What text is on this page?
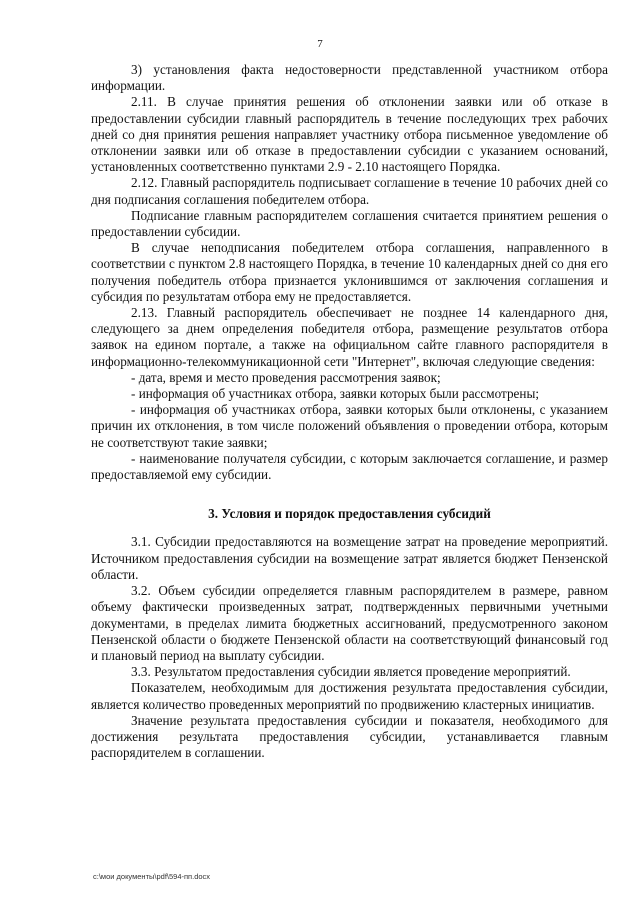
7

3) установления факта недостоверности представленной участником отбора информации.

2.11. В случае принятия решения об отклонении заявки или об отказе в предоставлении субсидии главный распорядитель в течение последующих трех рабочих дней со дня принятия решения направляет участнику отбора письменное уведомление об отклонении заявки или об отказе в предоставлении субсидии с указанием оснований, установленных соответственно пунктами 2.9 - 2.10 настоящего Порядка.

2.12. Главный распорядитель подписывает соглашение в течение 10 рабочих дней со дня подписания соглашения победителем отбора.

Подписание главным распорядителем соглашения считается принятием решения о предоставлении субсидии.

В случае неподписания победителем отбора соглашения, направленного в соответствии с пунктом 2.8 настоящего Порядка, в течение 10 календарных дней со дня его получения победитель отбора признается уклонившимся от заключения соглашения и субсидия по результатам отбора ему не предоставляется.

2.13. Главный распорядитель обеспечивает не позднее 14 календарного дня, следующего за днем определения победителя отбора, размещение результатов отбора заявок на едином портале, а также на официальном сайте главного распорядителя в информационно-телекоммуникационной сети "Интернет", включая следующие сведения:

- дата, время и место проведения рассмотрения заявок;

- информация об участниках отбора, заявки которых были рассмотрены;

- информация об участниках отбора, заявки которых были отклонены, с указанием причин их отклонения, в том числе положений объявления о проведении отбора, которым не соответствуют такие заявки;

- наименование получателя субсидии, с которым заключается соглашение, и размер предоставляемой ему субсидии.

3. Условия и порядок предоставления субсидий

3.1. Субсидии предоставляются на возмещение затрат на проведение мероприятий. Источником предоставления субсидии на возмещение затрат является бюджет Пензенской области.

3.2. Объем субсидии определяется главным распорядителем в размере, равном объему фактически произведенных затрат, подтвержденных первичными учетными документами, в пределах лимита бюджетных ассигнований, предусмотренного законом Пензенской области о бюджете Пензенской области на соответствующий финансовый год и плановый период на выплату субсидии.

3.3. Результатом предоставления субсидии является проведение мероприятий.

Показателем, необходимым для достижения результата предоставления субсидии, является количество проведенных мероприятий по продвижению кластерных инициатив.

Значение результата предоставления субсидии и показателя, необходимого для достижения результата предоставления субсидии, устанавливается главным распорядителем в соглашении.

c:\мои документы\pdf\594-пп.docx
